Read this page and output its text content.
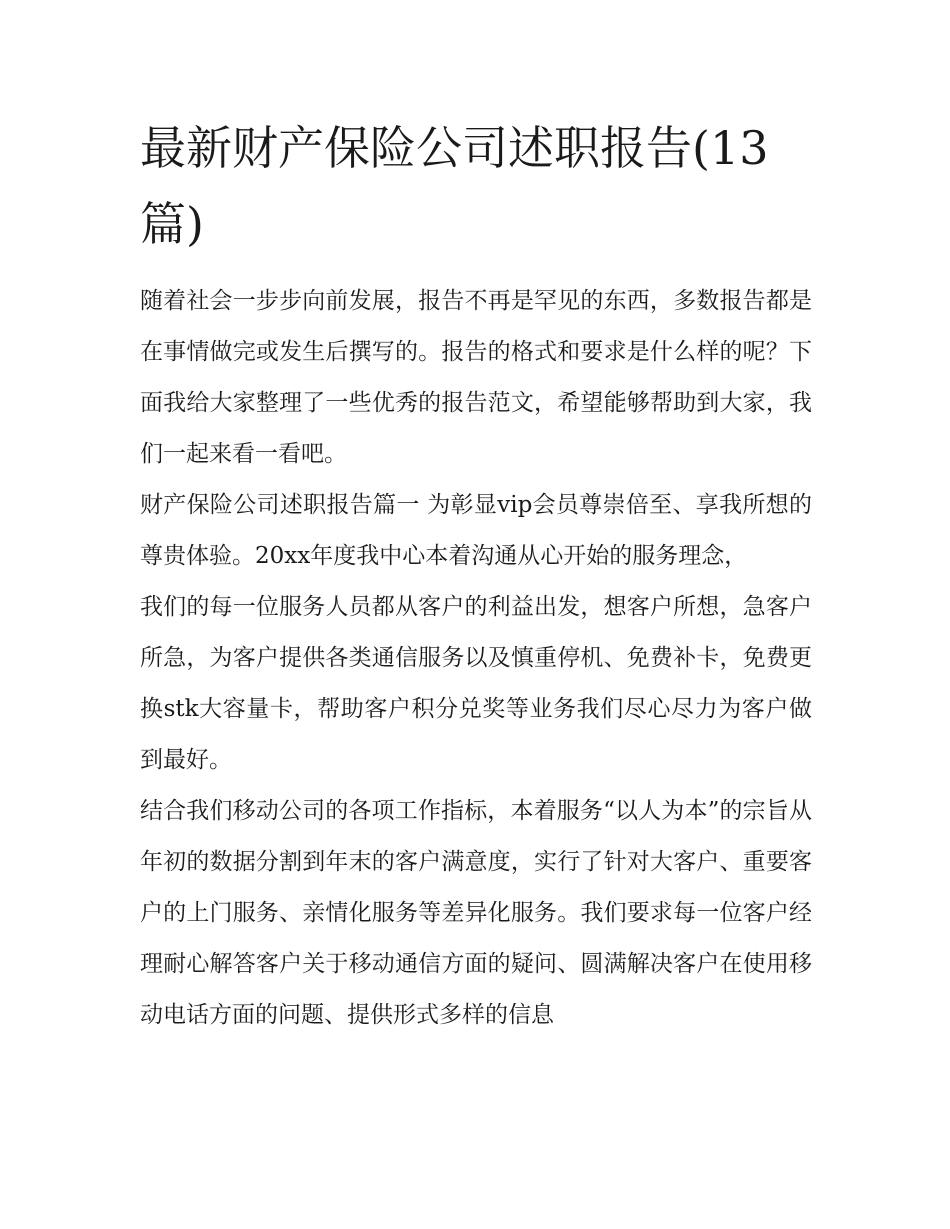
最新财产保险公司述职报告(13篇)

随着社会一步步向前发展，报告不再是罕见的东西，多数报告都是在事情做完或发生后撰写的。报告的格式和要求是什么样的呢？下面我给大家整理了一些优秀的报告范文，希望能够帮助到大家，我们一起来看一看吧。

财产保险公司述职报告篇一 为彰显vip会员尊崇倍至、享我所想的尊贵体验。20xx年度我中心本着沟通从心开始的服务理念，

我们的每一位服务人员都从客户的利益出发，想客户所想，急客户所急，为客户提供各类通信服务以及慎重停机、免费补卡，免费更换stk大容量卡，帮助客户积分兑奖等业务我们尽心尽力为客户做到最好。

结合我们移动公司的各项工作指标，本着服务“以人为本”的宗旨从年初的数据分割到年末的客户满意度，实行了针对大客户、重要客户的上门服务、亲情化服务等差异化服务。我们要求每一位客户经理耐心解答客户关于移动通信方面的疑问、圆满解决客户在使用移动电话方面的问题、提供形式多样的信息
